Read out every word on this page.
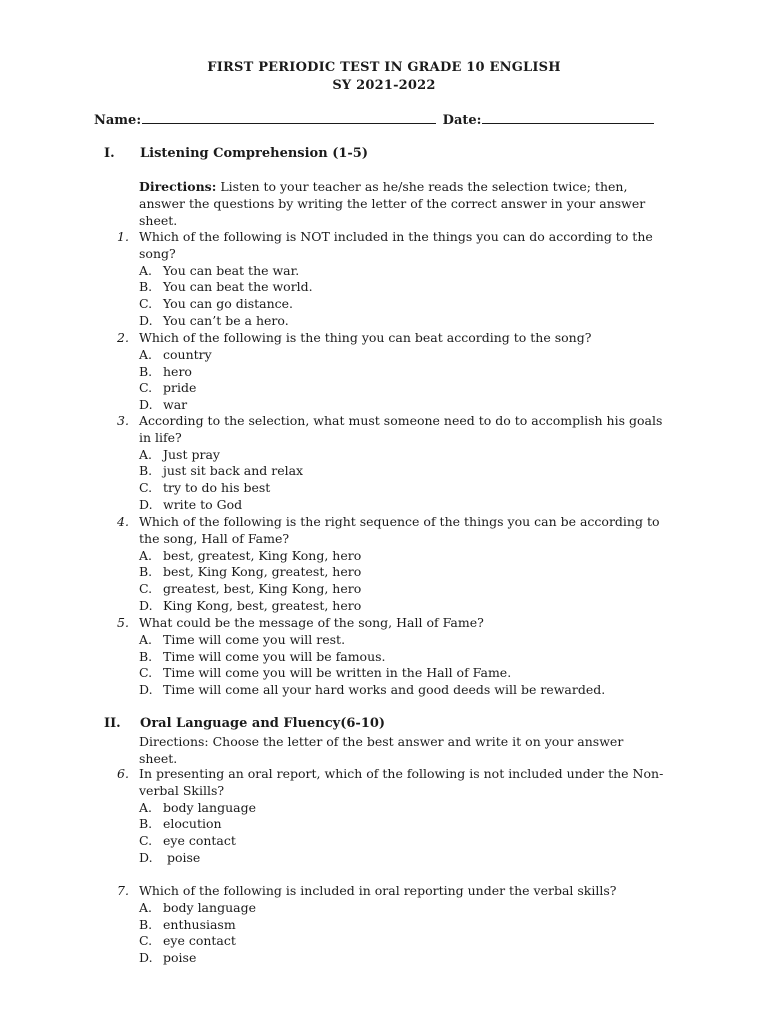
FIRST PERIODIC TEST IN GRADE 10 ENGLISH
SY 2021-2022
Name:	Date:
I. Listening Comprehension (1-5)
Directions: Listen to your teacher as he/she reads the selection twice; then, answer the questions by writing the letter of the correct answer in your answer sheet.
1. Which of the following is NOT included in the things you can do according to the song?
A. You can beat the war.
B. You can beat the world.
C. You can go distance.
D. You can’t be a hero.
2. Which of the following is the thing you can beat according to the song?
A. country
B. hero
C. pride
D. war
3. According to the selection, what must someone need to do to accomplish his goals in life?
A. Just pray
B. just sit back and relax
C. try to do his best
D. write to God
4. Which of the following is the right sequence of the things you can be according to the song, Hall of Fame?
A. best, greatest, King Kong, hero
B. best, King Kong, greatest, hero
C. greatest, best, King Kong, hero
D. King Kong, best, greatest, hero
5. What could be the message of the song, Hall of Fame?
A. Time will come you will rest.
B. Time will come you will be famous.
C. Time will come you will be written in the Hall of Fame.
D. Time will come all your hard works and good deeds will be rewarded.
II. Oral Language and Fluency(6-10)
Directions: Choose the letter of the best answer and write it on your answer sheet.
6. In presenting an oral report, which of the following is not included under the Non-verbal Skills?
A. body language
B. elocution
C. eye contact
D. poise
7. Which of the following is included in oral reporting under the verbal skills?
A. body language
B. enthusiasm
C. eye contact
D. poise
